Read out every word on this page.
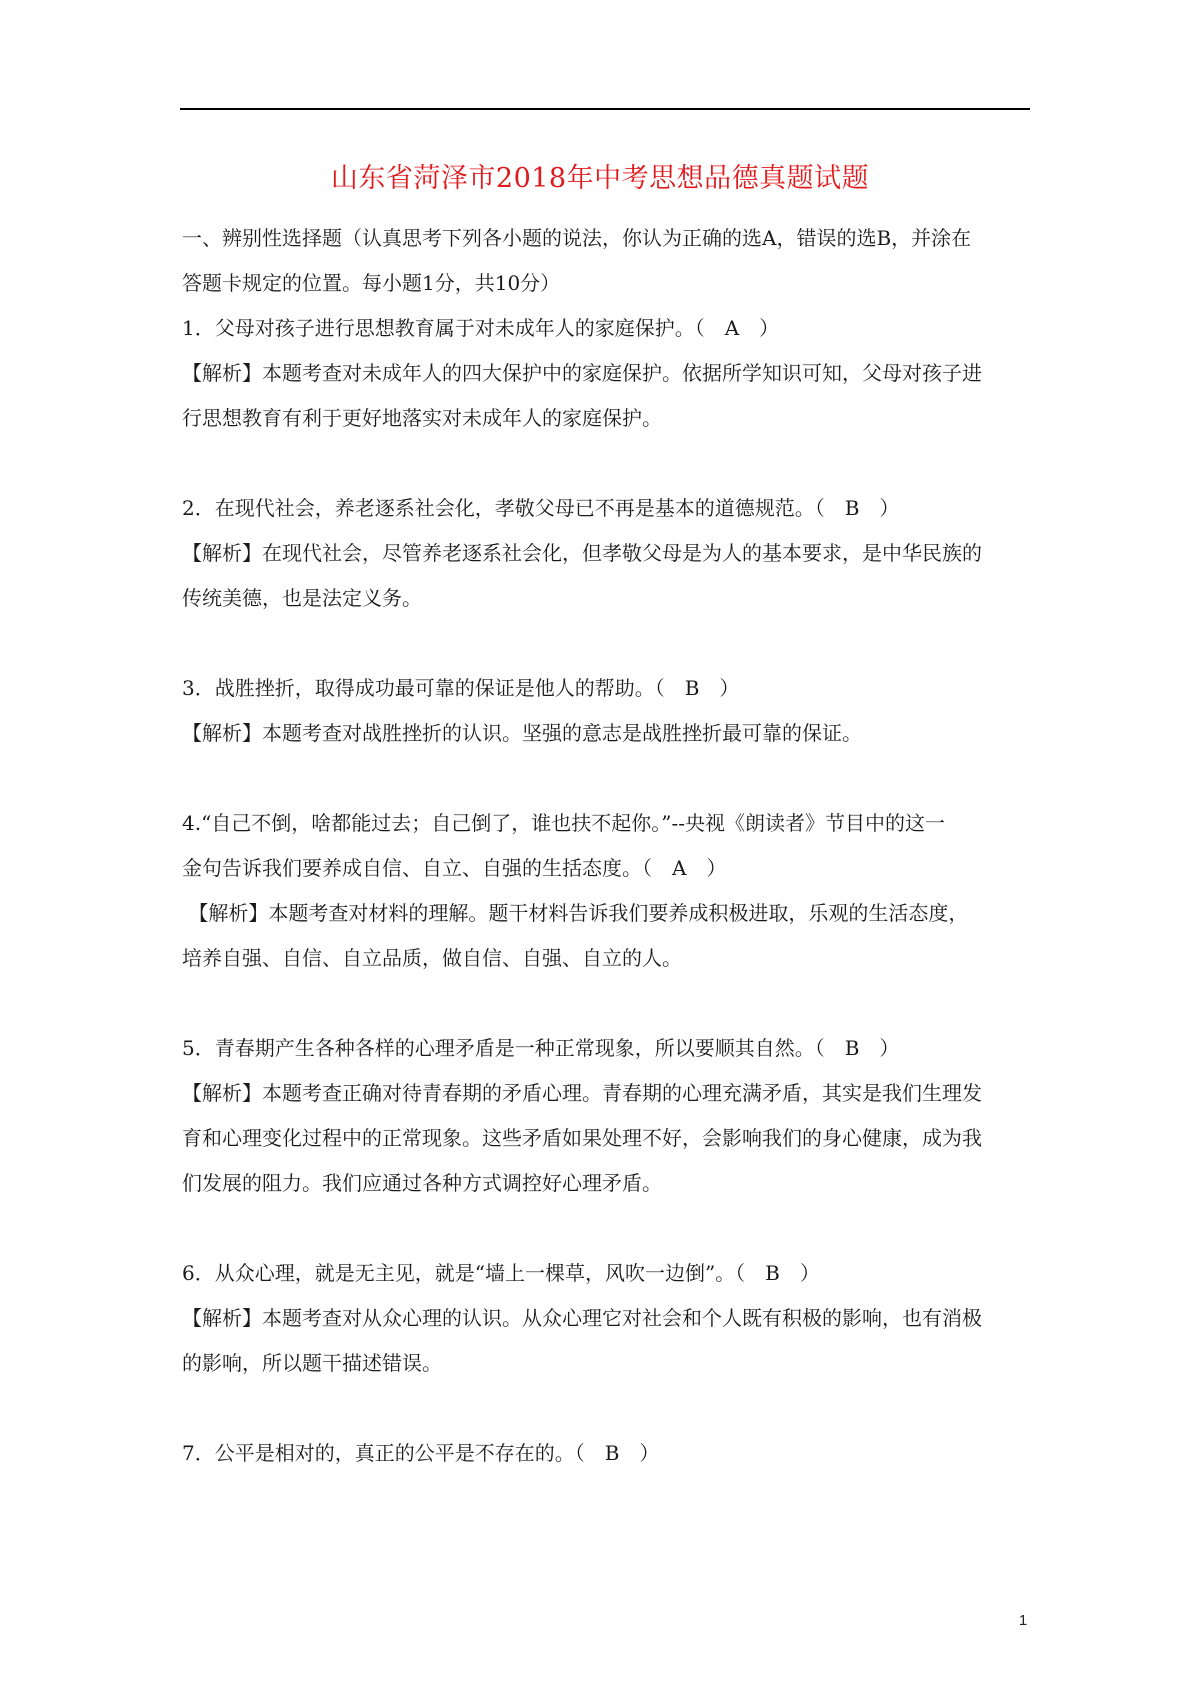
山东省菏泽市2018年中考思想品德真题试题

一、辨别性选择题（认真思考下列各小题的说法，你认为正确的选A，错误的选B，并涂在

答题卡规定的位置。每小题1分，共10分）

1．父母对孩子进行思想教育属于对未成年人的家庭保护。（　A　）

【解析】本题考查对未成年人的四大保护中的家庭保护。依据所学知识可知，父母对孩子进

行思想教育有利于更好地落实对未成年人的家庭保护。

2．在现代社会，养老逐系社会化，孝敬父母已不再是基本的道德规范。（　B　）

【解析】在现代社会，尽管养老逐系社会化，但孝敬父母是为人的基本要求，是中华民族的

传统美德，也是法定义务。

3．战胜挫折，取得成功最可靠的保证是他人的帮助。（　B　）

【解析】本题考查对战胜挫折的认识。坚强的意志是战胜挫折最可靠的保证。

4.“自己不倒，啥都能过去；自己倒了，谁也扶不起你。”--央视《朗读者》节目中的这一

金句告诉我们要养成自信、自立、自强的生括态度。（　A　）

【解析】本题考查对材料的理解。题干材料告诉我们要养成积极进取，乐观的生活态度，

培养自强、自信、自立品质，做自信、自强、自立的人。

5．青春期产生各种各样的心理矛盾是一种正常现象，所以要顺其自然。（　B　）

【解析】本题考查正确对待青春期的矛盾心理。青春期的心理充满矛盾，其实是我们生理发

育和心理变化过程中的正常现象。这些矛盾如果处理不好，会影响我们的身心健康，成为我

们发展的阻力。我们应通过各种方式调控好心理矛盾。

6．从众心理，就是无主见，就是“墙上一棵草，风吹一边倒”。（　B　）

【解析】本题考查对从众心理的认识。从众心理它对社会和个人既有积极的影响，也有消极

的影响，所以题干描述错误。

7．公平是相对的，真正的公平是不存在的。（　B　）

1
